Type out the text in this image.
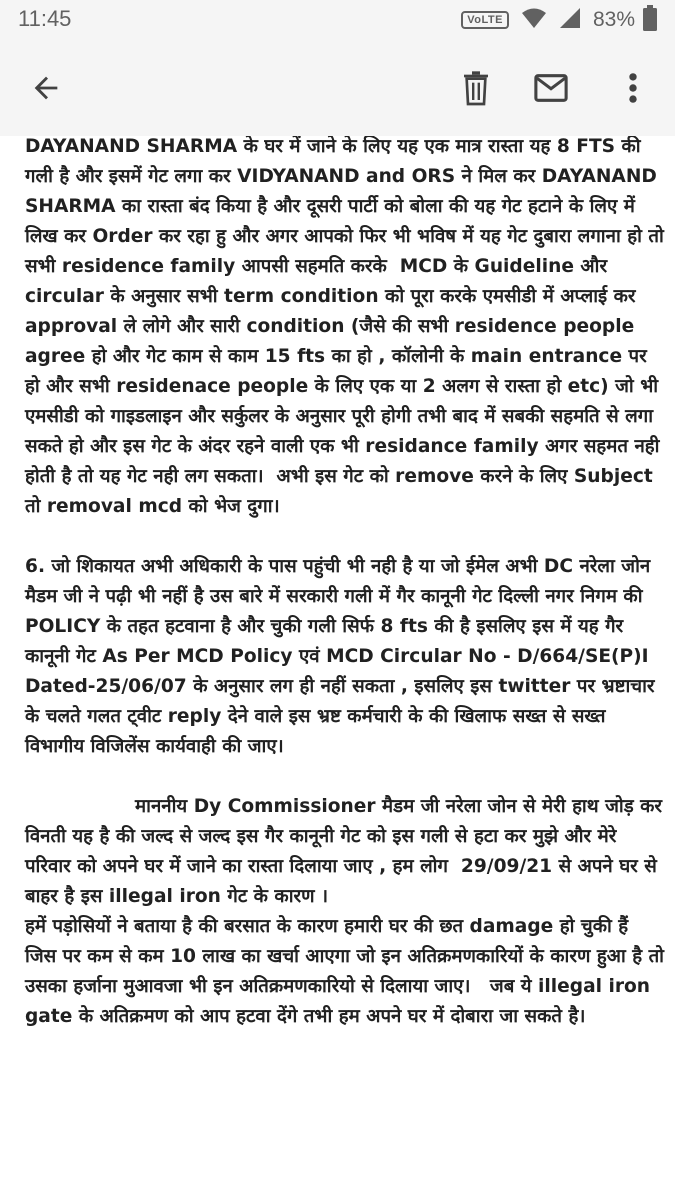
11:45	VoLTE	83%

DAYANAND SHARMA के घर में जाने के लिए यह एक मात्र रास्ता यह 8 FTS की गली है और इसमें गेट लगा कर VIDYANAND and ORS ने मिल कर DAYANAND SHARMA का रास्ता बंद किया है और दूसरी पार्टी को बोला की यह गेट हटाने के लिए में लिख कर Order कर रहा हु और अगर आपको फिर भी भविष में यह गेट दुबारा लगाना हो तो सभी residence family आपसी सहमति करके  MCD के Guideline और circular के अनुसार सभी term condition को पूरा करके एमसीडी में अप्लाई कर approval ले लोगे और सारी condition (जैसे की सभी residence people agree हो और गेट काम से काम 15 fts का हो , कॉलोनी के main entrance पर हो और सभी residenace people के लिए एक या 2 अलग से रास्ता हो etc) जो भी एमसीडी को गाइडलाइन और सर्कुलर के अनुसार पूरी होगी तभी बाद में सबकी सहमति से लगा सकते हो और इस गेट के अंदर रहने वाली एक भी residance family अगर सहमत नही होती है तो यह गेट नही लग सकता।  अभी इस गेट को remove करने के लिए Subject तो removal mcd को भेज दुगा।

6. जो शिकायत अभी अधिकारी के पास पहुंची भी नही है या जो ईमेल अभी DC नरेला जोन मैडम जी ने पढ़ी भी नहीं है उस बारे में सरकारी गली में गैर कानूनी गेट दिल्ली नगर निगम की POLICY के तहत हटवाना है और चुकी गली सिर्फ 8 fts की है इसलिए इस में यह गैर कानूनी गेट As Per MCD Policy एवं MCD Circular No - D/664/SE(P)I  Dated-25/06/07 के अनुसार लग ही नहीं सकता , इसलिए इस twitter पर भ्रष्टाचार के चलते गलत ट्वीट reply देने वाले इस भ्रष्ट कर्मचारी के की खिलाफ सख्त से सख्त विभागीय विजिलेंस कार्यवाही की जाए।

माननीय Dy Commissioner मैडम जी नरेला जोन से मेरी हाथ जोड़ कर विनती यह है की जल्द से जल्द इस गैर कानूनी गेट को इस गली से हटा कर मुझे और मेरे परिवार को अपने घर में जाने का रास्ता दिलाया जाए , हम लोग  29/09/21 से अपने घर से बाहर है इस illegal iron गेट के कारण ।
हमें पड़ोसियों ने बताया है की बरसात के कारण हमारी घर की छत damage हो चुकी हैं जिस पर कम से कम 10 लाख का खर्चा आएगा जो इन अतिक्रमणकारियों के कारण हुआ है तो उसका हर्जाना मुआवजा भी इन अतिक्रमणकारियो से दिलाया जाए।   जब ये illegal iron gate के अतिक्रमण को आप हटवा देंगे तभी हम अपने घर में दोबारा जा सकते है।
